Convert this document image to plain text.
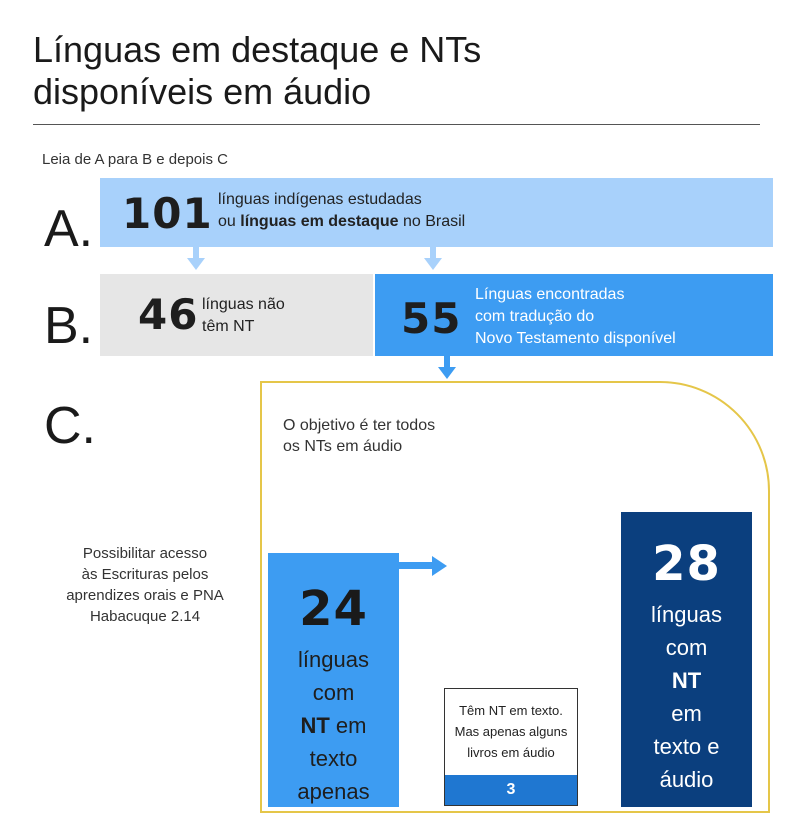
Línguas em destaque e NTs
disponíveis em áudio
Leia de A para B e depois C
A. 101 línguas indígenas estudadas
ou línguas em destaque no Brasil
B. 46 línguas não
têm NT	55 Línguas encontradas
com tradução do
Novo Testamento disponível
C.	O objetivo é ter todos
os NTs em áudio
Possibilitar acesso
às Escrituras pelos
aprendizes orais e PNA
Habacuque 2.14	24
línguas
com
NT em
texto
apenas
Têm NT em texto.
Mas apenas alguns
livros em áudio
3
28
línguas
com
NT
em
texto e
áudio
